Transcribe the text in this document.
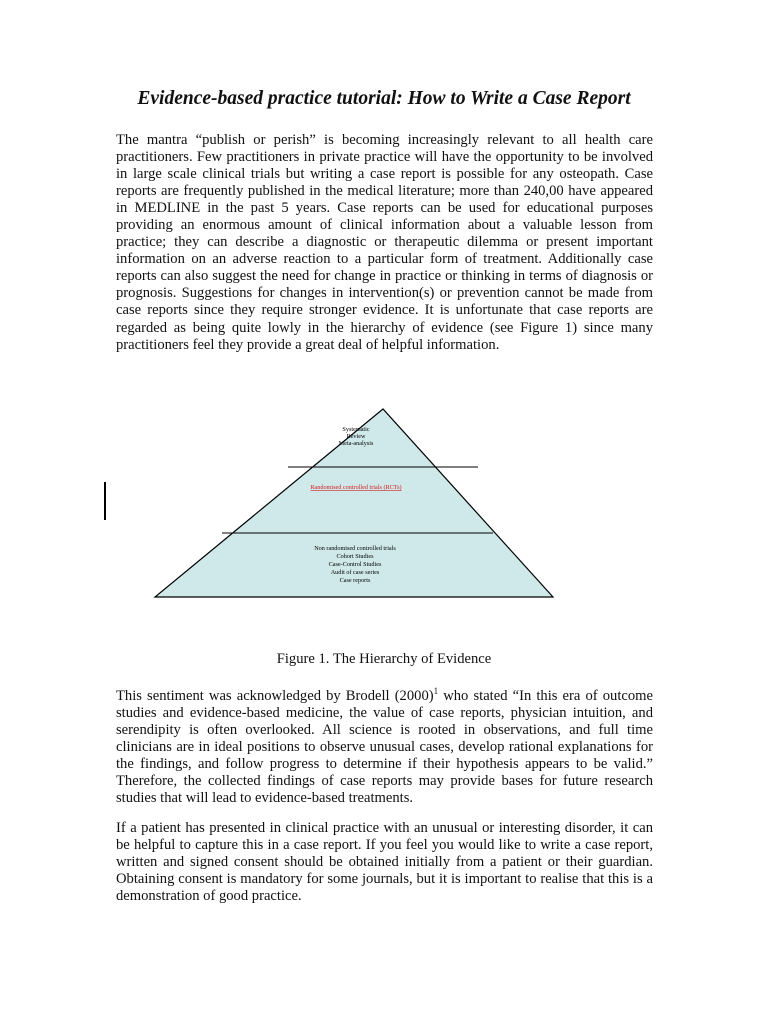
Evidence-based practice tutorial: How to Write a Case Report

The mantra “publish or perish” is becoming increasingly relevant to all health care practitioners. Few practitioners in private practice will have the opportunity to be involved in large scale clinical trials but writing a case report is possible for any osteopath. Case reports are frequently published in the medical literature; more than 240,00 have appeared in MEDLINE in the past 5 years. Case reports can be used for educational purposes providing an enormous amount of clinical information about a valuable lesson from practice; they can describe a diagnostic or therapeutic dilemma or present important information on an adverse reaction to a particular form of treatment. Additionally case reports can also suggest the need for change in practice or thinking in terms of diagnosis or prognosis. Suggestions for changes in intervention(s) or prevention cannot be made from case reports since they require stronger evidence. It is unfortunate that case reports are regarded as being quite lowly in the hierarchy of evidence (see Figure 1) since many practitioners feel they provide a great deal of helpful information.

Systematic
Review
Meta-analysis
Randomised controlled trials (RCTs)
Non randomised controlled trials
Cohort Studies
Case-Control Studies
Audit of case series
Case reports

Figure 1. The Hierarchy of Evidence

This sentiment was acknowledged by Brodell $(2000)^1$ who stated “In this era of outcome studies and evidence-based medicine, the value of case reports, physician intuition, and serendipity is often overlooked. All science is rooted in observations, and full time clinicians are in ideal positions to observe unusual cases, develop rational explanations for the findings, and follow progress to determine if their hypothesis appears to be valid.” Therefore, the collected findings of case reports may provide bases for future research studies that will lead to evidence-based treatments.

If a patient has presented in clinical practice with an unusual or interesting disorder, it can be helpful to capture this in a case report. If you feel you would like to write a case report, written and signed consent should be obtained initially from a patient or their guardian. Obtaining consent is mandatory for some journals, but it is important to realise that this is a demonstration of good practice.
